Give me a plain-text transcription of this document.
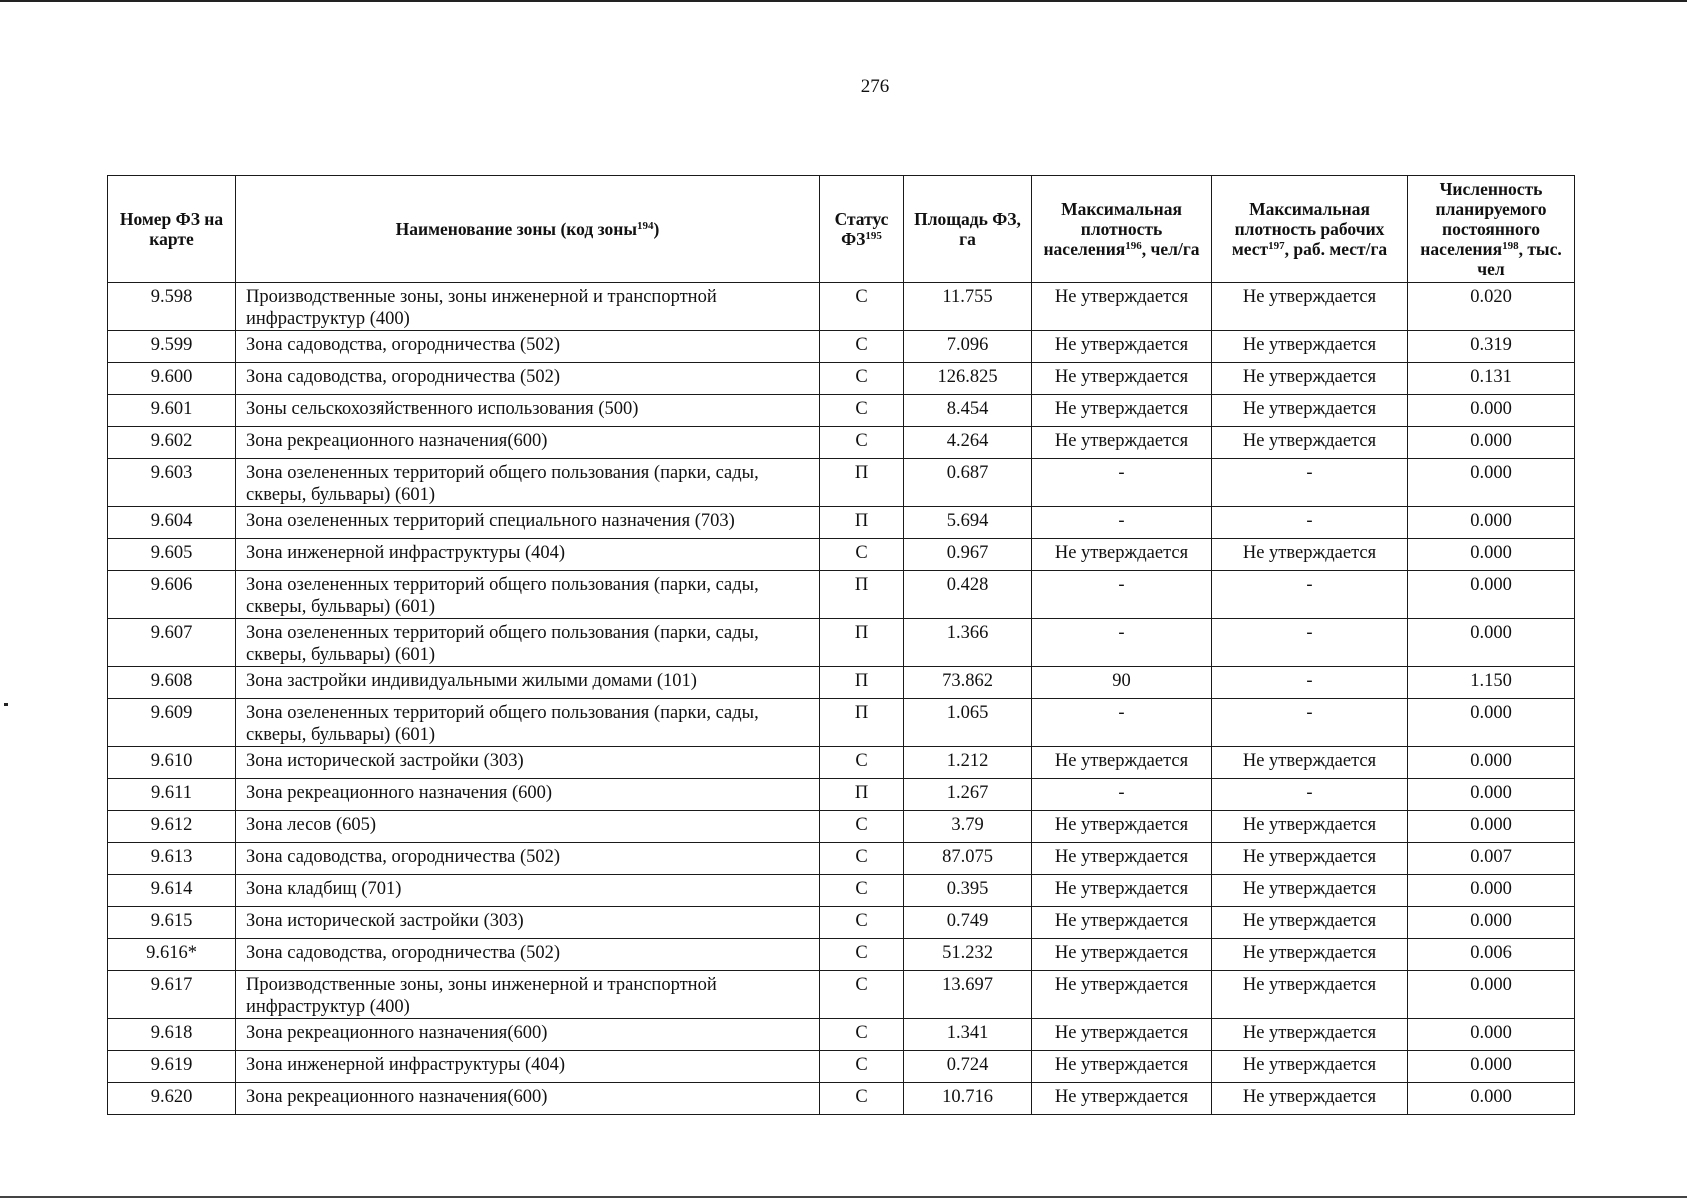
276
Номер ФЗ на карте	Наименование зоны (код зоны$^{194}$)	Статус ФЗ$^{195}$	Площадь ФЗ, га	Максимальная плотность населения$^{196}$, чел/га	Максимальная плотность рабочих мест$^{197}$, раб. мест/га	Численность планируемого постоянного населения$^{198}$, тыс. чел
9.598	Производственные зоны, зоны инженерной и транспортной инфраструктур (400)	С	11.755	Не утверждается	Не утверждается	0.020
9.599	Зона садоводства, огородничества (502)	С	7.096	Не утверждается	Не утверждается	0.319
9.600	Зона садоводства, огородничества (502)	С	126.825	Не утверждается	Не утверждается	0.131
9.601	Зоны сельскохозяйственного использования (500)	С	8.454	Не утверждается	Не утверждается	0.000
9.602	Зона рекреационного назначения(600)	С	4.264	Не утверждается	Не утверждается	0.000
9.603	Зона озелененных территорий общего пользования (парки, сады, скверы, бульвары) (601)	П	0.687	-	-	0.000
9.604	Зона озелененных территорий специального назначения (703)	П	5.694	-	-	0.000
9.605	Зона инженерной инфраструктуры (404)	С	0.967	Не утверждается	Не утверждается	0.000
9.606	Зона озелененных территорий общего пользования (парки, сады, скверы, бульвары) (601)	П	0.428	-	-	0.000
9.607	Зона озелененных территорий общего пользования (парки, сады, скверы, бульвары) (601)	П	1.366	-	-	0.000
9.608	Зона застройки индивидуальными жилыми домами (101)	П	73.862	90	-	1.150
9.609	Зона озелененных территорий общего пользования (парки, сады, скверы, бульвары) (601)	П	1.065	-	-	0.000
9.610	Зона исторической застройки (303)	С	1.212	Не утверждается	Не утверждается	0.000
9.611	Зона рекреационного назначения (600)	П	1.267	-	-	0.000
9.612	Зона лесов (605)	С	3.79	Не утверждается	Не утверждается	0.000
9.613	Зона садоводства, огородничества (502)	С	87.075	Не утверждается	Не утверждается	0.007
9.614	Зона кладбищ (701)	С	0.395	Не утверждается	Не утверждается	0.000
9.615	Зона исторической застройки (303)	С	0.749	Не утверждается	Не утверждается	0.000
9.616*	Зона садоводства, огородничества (502)	С	51.232	Не утверждается	Не утверждается	0.006
9.617	Производственные зоны, зоны инженерной и транспортной инфраструктур (400)	С	13.697	Не утверждается	Не утверждается	0.000
9.618	Зона рекреационного назначения(600)	С	1.341	Не утверждается	Не утверждается	0.000
9.619	Зона инженерной инфраструктуры (404)	С	0.724	Не утверждается	Не утверждается	0.000
9.620	Зона рекреационного назначения(600)	С	10.716	Не утверждается	Не утверждается	0.000
